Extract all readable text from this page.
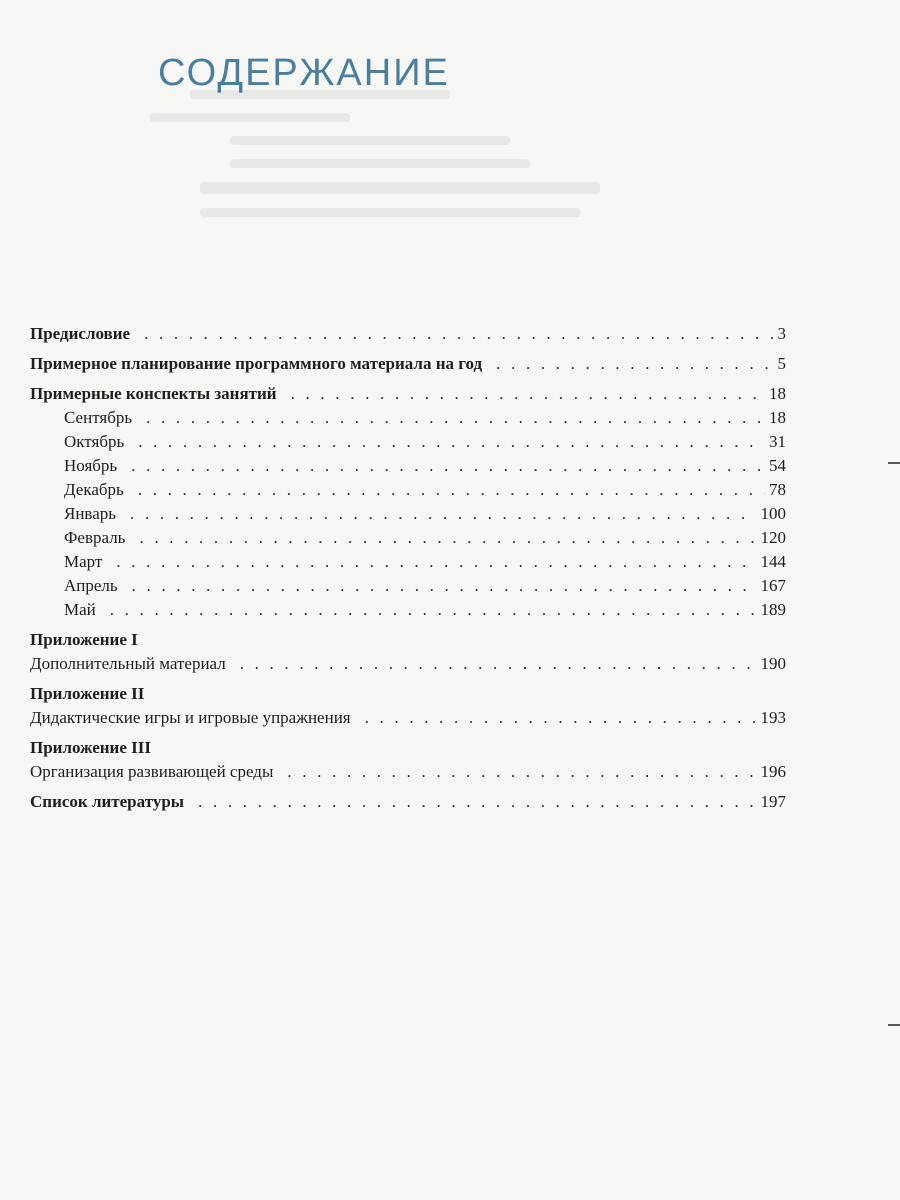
СОДЕРЖАНИЕ
Предисловие . . .	3
Примерное планирование программного материала на год . . .	5
Примерные конспекты занятий . . .	18
Сентябрь . . .	18
Октябрь . . .	31
Ноябрь . . .	54
Декабрь . . .	78
Январь . . .	100
Февраль . . .	120
Март . . .	144
Апрель . . .	167
Май . . .	189
Приложение I
Дополнительный материал . . .	190
Приложение II
Дидактические игры и игровые упражнения . . .	193
Приложение III
Организация развивающей среды . . .	196
Список литературы . . .	197
